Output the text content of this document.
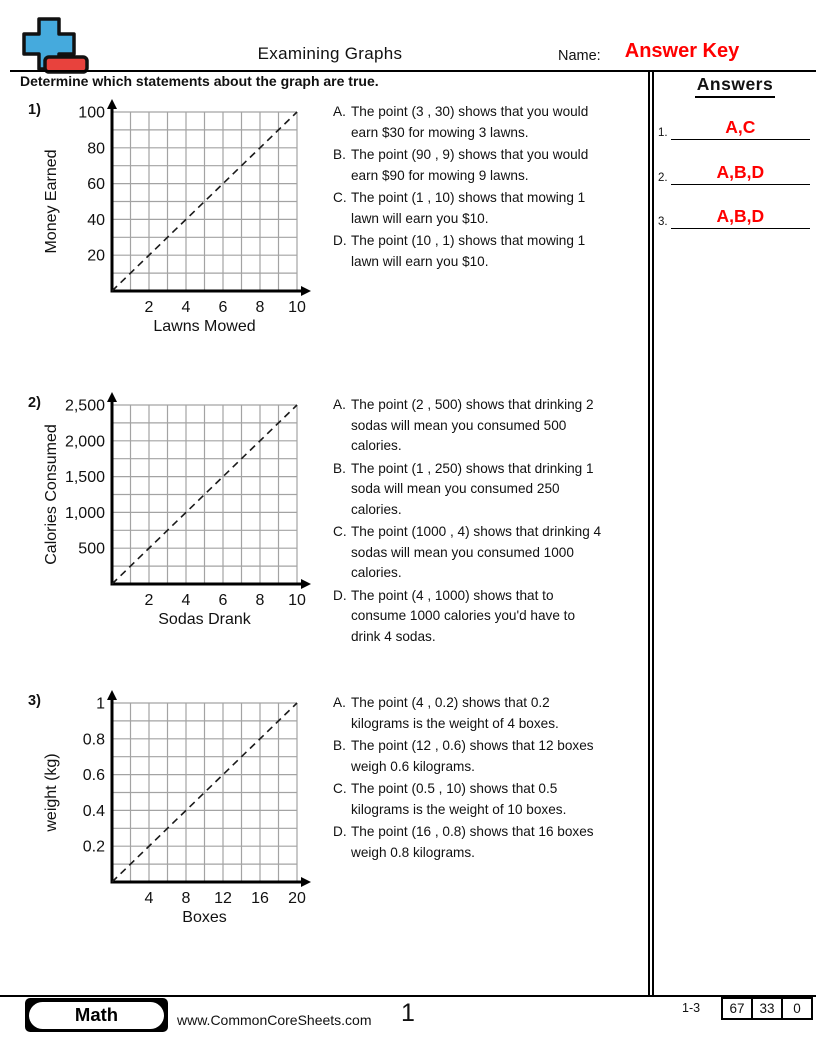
Examining Graphs	Name:	Answer Key
Determine which statements about the graph are true.	Answers
1.	A,C
2.	A,B,D
3.	A,B,D
1)
2 4 6 8 10
20
40
60
80
100
Lawns Mowed
Money Earned
A. The point (3 , 30) shows that you would
earn $30 for mowing 3 lawns.
B. The point (90 , 9) shows that you would
earn $90 for mowing 9 lawns.
C. The point (1 , 10) shows that mowing 1
lawn will earn you $10.
D. The point (10 , 1) shows that mowing 1
lawn will earn you $10.
2)
2 4 6 8 10
500
1,000
1,500
2,000
2,500
Sodas Drank
Calories Consumed
A. The point (2 , 500) shows that drinking 2
sodas will mean you consumed 500
calories.
B. The point (1 , 250) shows that drinking 1
soda will mean you consumed 250
calories.
C. The point (1000 , 4) shows that drinking 4
sodas will mean you consumed 1000
calories.
D. The point (4 , 1000) shows that to
consume 1000 calories you'd have to
drink 4 sodas.
3)
4 8 12 16 20
0.2
0.4
0.6
0.8
1
Boxes
weight (kg)
A. The point (4 , 0.2) shows that 0.2
kilograms is the weight of 4 boxes.
B. The point (12 , 0.6) shows that 12 boxes
weigh 0.6 kilograms.
C. The point (0.5 , 10) shows that 0.5
kilograms is the weight of 10 boxes.
D. The point (16 , 0.8) shows that 16 boxes
weigh 0.8 kilograms.
Math	www.CommonCoreSheets.com	1	1-3	67	33	0
